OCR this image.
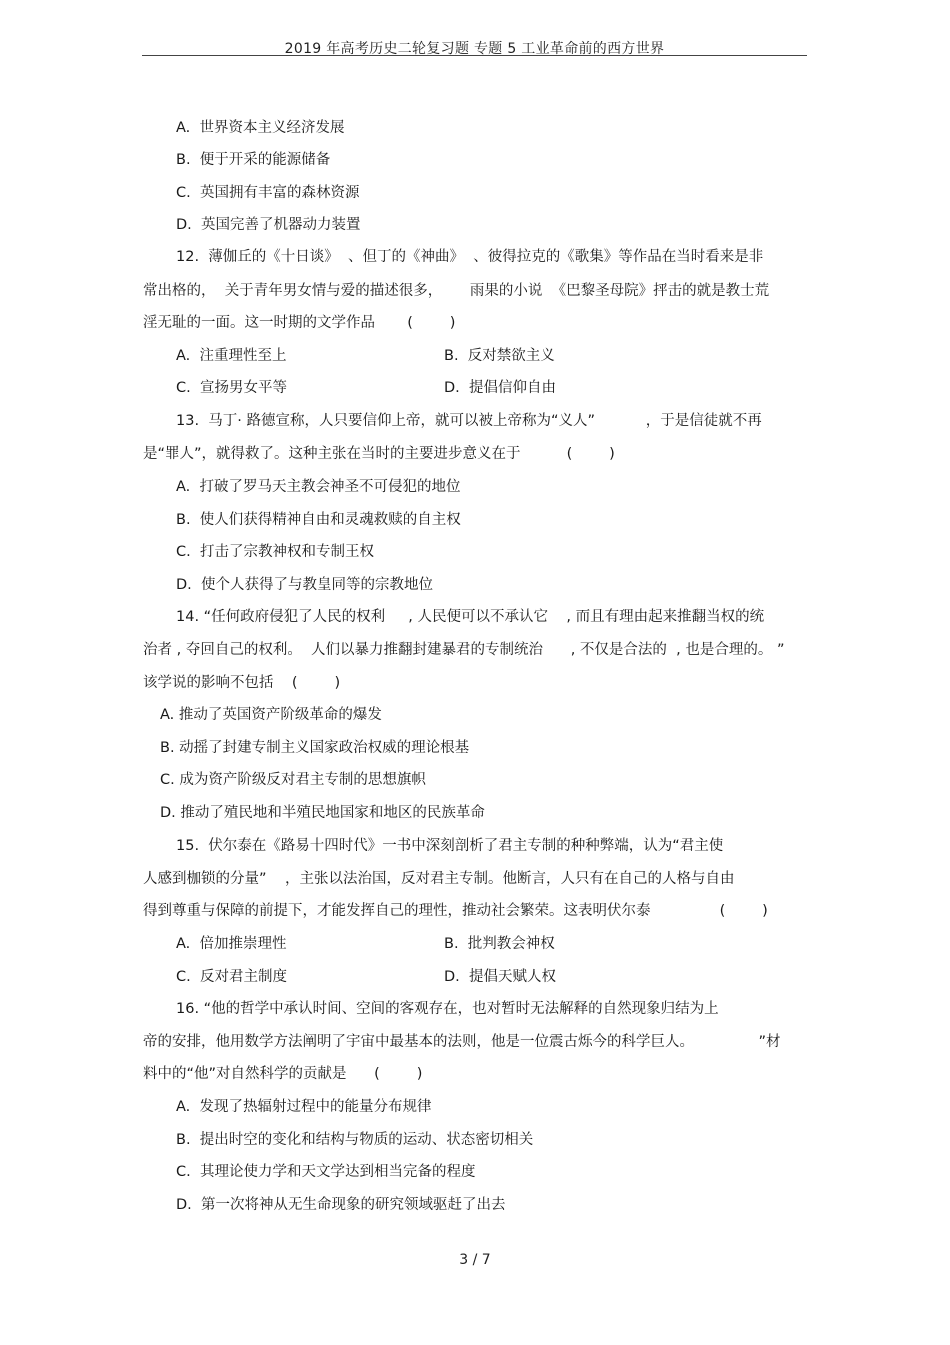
2019 年高考历史二轮复习题 专题 5 工业革命前的西方世界
A.  世界资本主义经济发展
B.  便于开采的能源储备
C.  英国拥有丰富的森林资源
D.  英国完善了机器动力装置
12.  薄伽丘的《十日谈》  、但丁的《神曲》  、彼得拉克的《歌集》等作品在当时看来是非
常出格的，  关于青年男女情与爱的描述很多，      雨果的小说  《巴黎圣母院》抨击的就是教士荒
淫无耻的一面。这一时期的文学作品       (        )
A.  注重理性至上	B.  反对禁欲主义
C.  宣扬男女平等	D.  提倡信仰自由
13.  马丁· 路德宣称，人只要信仰上帝，就可以被上帝称为“义人”           ，于是信徒就不再
是“罪人”，就得救了。这种主张在当时的主要进步意义在于          (        )
A.  打破了罗马天主教会神圣不可侵犯的地位
B.  使人们获得精神自由和灵魂救赎的自主权
C.  打击了宗教神权和专制王权
D.  使个人获得了与教皇同等的宗教地位
14. “任何政府侵犯了人民的权利     , 人民便可以不承认它    , 而且有理由起来推翻当权的统
治者 , 夺回自己的权利。  人们以暴力推翻封建暴君的专制统治      , 不仅是合法的  , 也是合理的。 ”
该学说的影响不包括    (        )
A. 推动了英国资产阶级革命的爆发
B. 动摇了封建专制主义国家政治权威的理论根基
C. 成为资产阶级反对君主专制的思想旗帜
D. 推动了殖民地和半殖民地国家和地区的民族革命
15.  伏尔泰在《路易十四时代》一书中深刻剖析了君主专制的种种弊端，认为“君主使
人感到枷锁的分量”    ，主张以法治国，反对君主专制。他断言，人只有在自己的人格与自由
得到尊重与保障的前提下，才能发挥自己的理性，推动社会繁荣。这表明伏尔泰               (        )
A.  倍加推崇理性	B.  批判教会神权
C.  反对君主制度	D.  提倡天赋人权
16. “他的哲学中承认时间、空间的客观存在，也对暂时无法解释的自然现象归结为上
帝的安排，他用数学方法阐明了宇宙中最基本的法则，他是一位震古烁今的科学巨人。              ”材
料中的“他”对自然科学的贡献是      (        )
A.  发现了热辐射过程中的能量分布规律
B.  提出时空的变化和结构与物质的运动、状态密切相关
C.  其理论使力学和天文学达到相当完备的程度
D.  第一次将神从无生命现象的研究领域驱赶了出去
3 / 7
